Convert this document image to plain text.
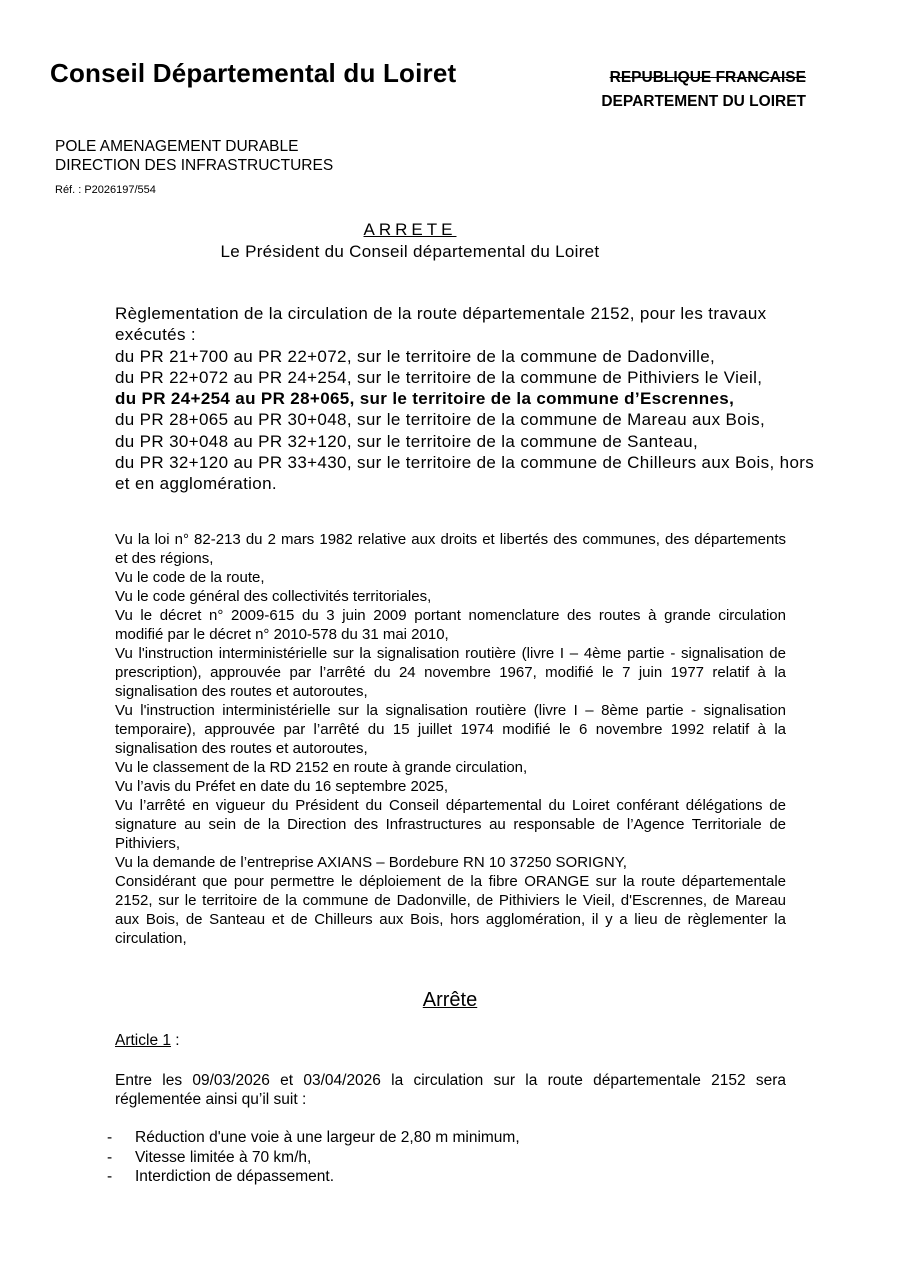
Conseil Départemental du Loiret	REPUBLIQUE FRANCAISE
DEPARTEMENT DU LOIRET
POLE AMENAGEMENT DURABLE
DIRECTION DES INFRASTRUCTURES
Réf. : P2026197/554
ARRETE
Le Président du Conseil départemental du Loiret
Règlementation de la circulation de la route départementale 2152, pour les travaux exécutés :
du PR 21+700 au PR 22+072, sur le territoire de la commune de Dadonville,
du PR 22+072 au PR 24+254, sur le territoire de la commune de Pithiviers le Vieil,
du PR 24+254 au PR 28+065, sur le territoire de la commune d’Escrennes,
du PR 28+065 au PR 30+048, sur le territoire de la commune de Mareau aux Bois,
du PR 30+048 au PR 32+120, sur le territoire de la commune de Santeau,
du PR 32+120 au PR 33+430, sur le territoire de la commune de Chilleurs aux Bois, hors et en agglomération.

Vu la loi n° 82-213 du 2 mars 1982 relative aux droits et libertés des communes, des départements et des régions,

Vu le code de la route,

Vu le code général des collectivités territoriales,

Vu le décret n° 2009-615 du 3 juin 2009 portant nomenclature des routes à grande circulation modifié par le décret n° 2010-578 du 31 mai 2010,

Vu l'instruction interministérielle sur la signalisation routière (livre I – 4ème partie - signalisation de prescription), approuvée par l’arrêté du 24 novembre 1967, modifié le 7 juin 1977 relatif à la signalisation des routes et autoroutes,

Vu l'instruction interministérielle sur la signalisation routière (livre I – 8ème partie - signalisation temporaire), approuvée par l’arrêté du 15 juillet 1974 modifié le 6 novembre 1992 relatif à la signalisation des routes et autoroutes,

Vu le classement de la RD 2152 en route à grande circulation,

Vu l’avis du Préfet en date du 16 septembre 2025,

Vu l’arrêté en vigueur du Président du Conseil départemental du Loiret conférant délégations de signature au sein de la Direction des Infrastructures au responsable de l’Agence Territoriale de Pithiviers,

Vu la demande de l’entreprise AXIANS – Bordebure RN 10 37250 SORIGNY,

Considérant que pour permettre le déploiement de la fibre ORANGE sur la route départementale 2152, sur le territoire de la commune de Dadonville, de Pithiviers le Vieil, d'Escrennes, de Mareau aux Bois, de Santeau et de Chilleurs aux Bois, hors agglomération, il y a lieu de règlementer la circulation,

Arrête
Article 1 :
Entre les 09/03/2026 et 03/04/2026 la circulation sur la route départementale 2152 sera réglementée ainsi qu’il suit :
- Réduction d'une voie à une largeur de 2,80 m minimum,
- Vitesse limitée à 70 km/h,
- Interdiction de dépassement.
